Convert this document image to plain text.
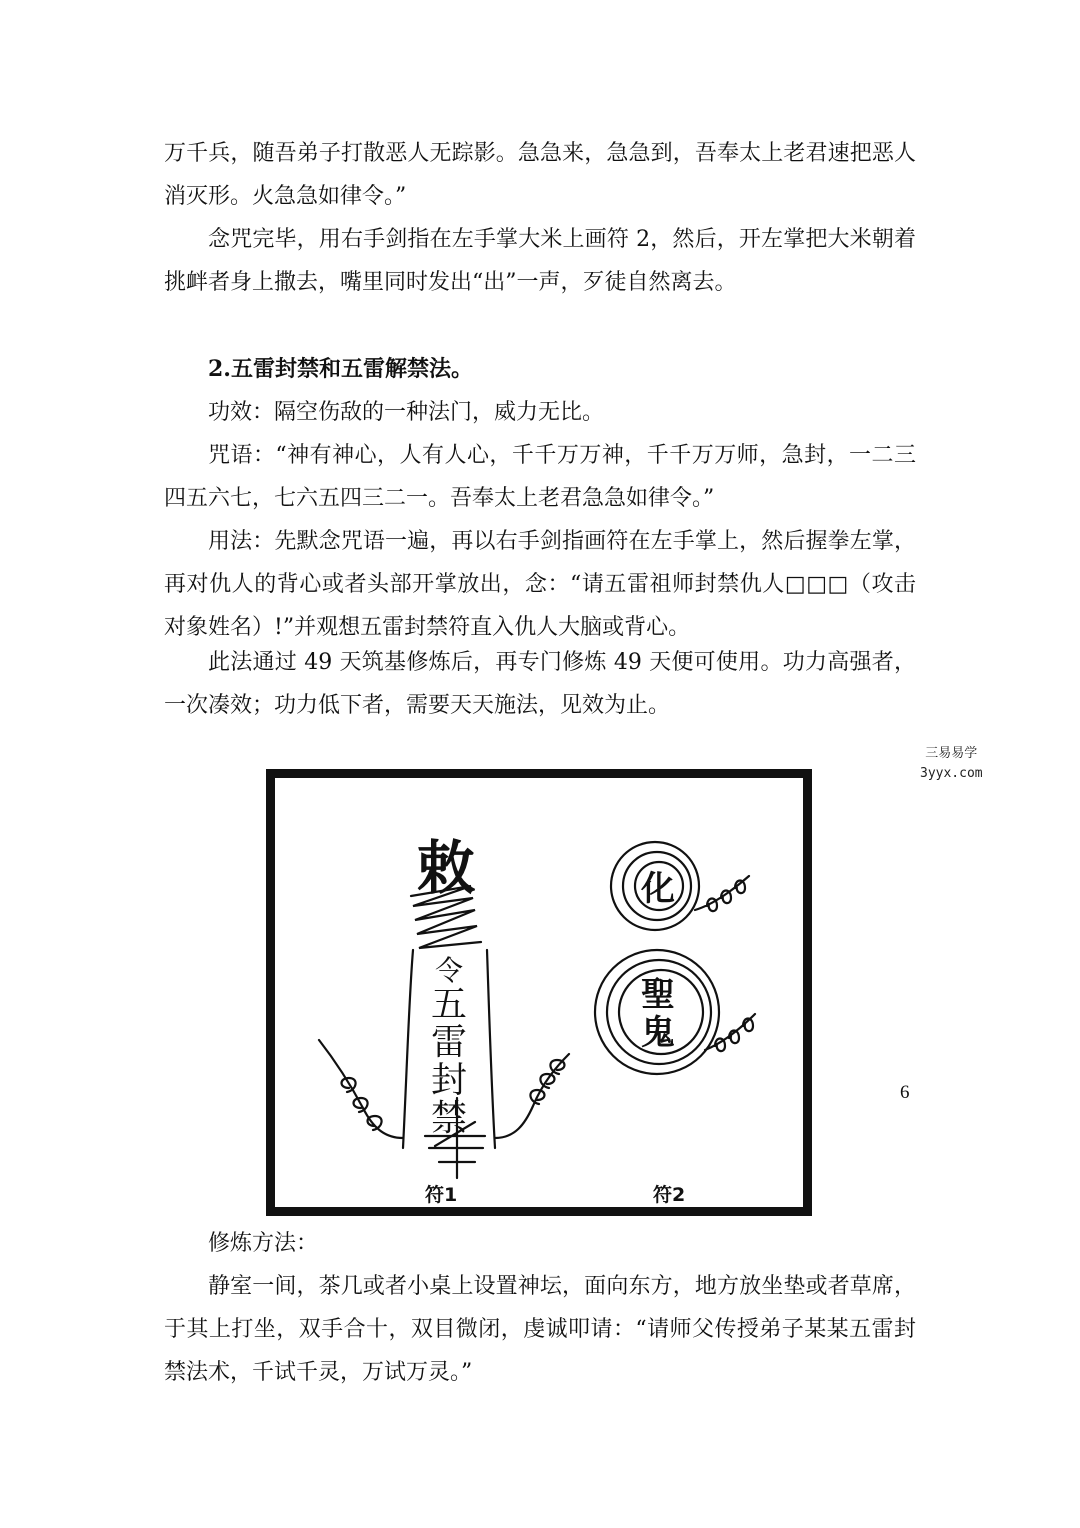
万千兵，随吾弟子打散恶人无踪影。急急来，急急到，吾奉太上老君速把恶人消灭形。火急急如律令。”

念咒完毕，用右手剑指在左手掌大米上画符 2，然后，开左掌把大米朝着挑衅者身上撒去，嘴里同时发出“出”一声，歹徒自然离去。

2.五雷封禁和五雷解禁法。

功效：隔空伤敌的一种法门，威力无比。

咒语：“神有神心，人有人心，千千万万神，千千万万师，急封，一二三四五六七，七六五四三二一。吾奉太上老君急急如律令。”

用法：先默念咒语一遍，再以右手剑指画符在左手掌上，然后握拳左掌，再对仇人的背心或者头部开掌放出，念：“请五雷祖师封禁仇人□□□（攻击对象姓名）!”并观想五雷封禁符直入仇人大脑或背心。

此法通过 49 天筑基修炼后，再专门修炼 49 天便可使用。功力高强者，一次凑效；功力低下者，需要天天施法，见效为止。

三易易学
3yyx.com
敕
令
五
雷
封
禁
化
聖
鬼
符1	符2

修炼方法：

静室一间，茶几或者小桌上设置神坛，面向东方，地方放坐垫或者草席，于其上打坐，双手合十，双目微闭，虔诚叩请：“请师父传授弟子某某五雷封禁法术，千试千灵，万试万灵。”

6
